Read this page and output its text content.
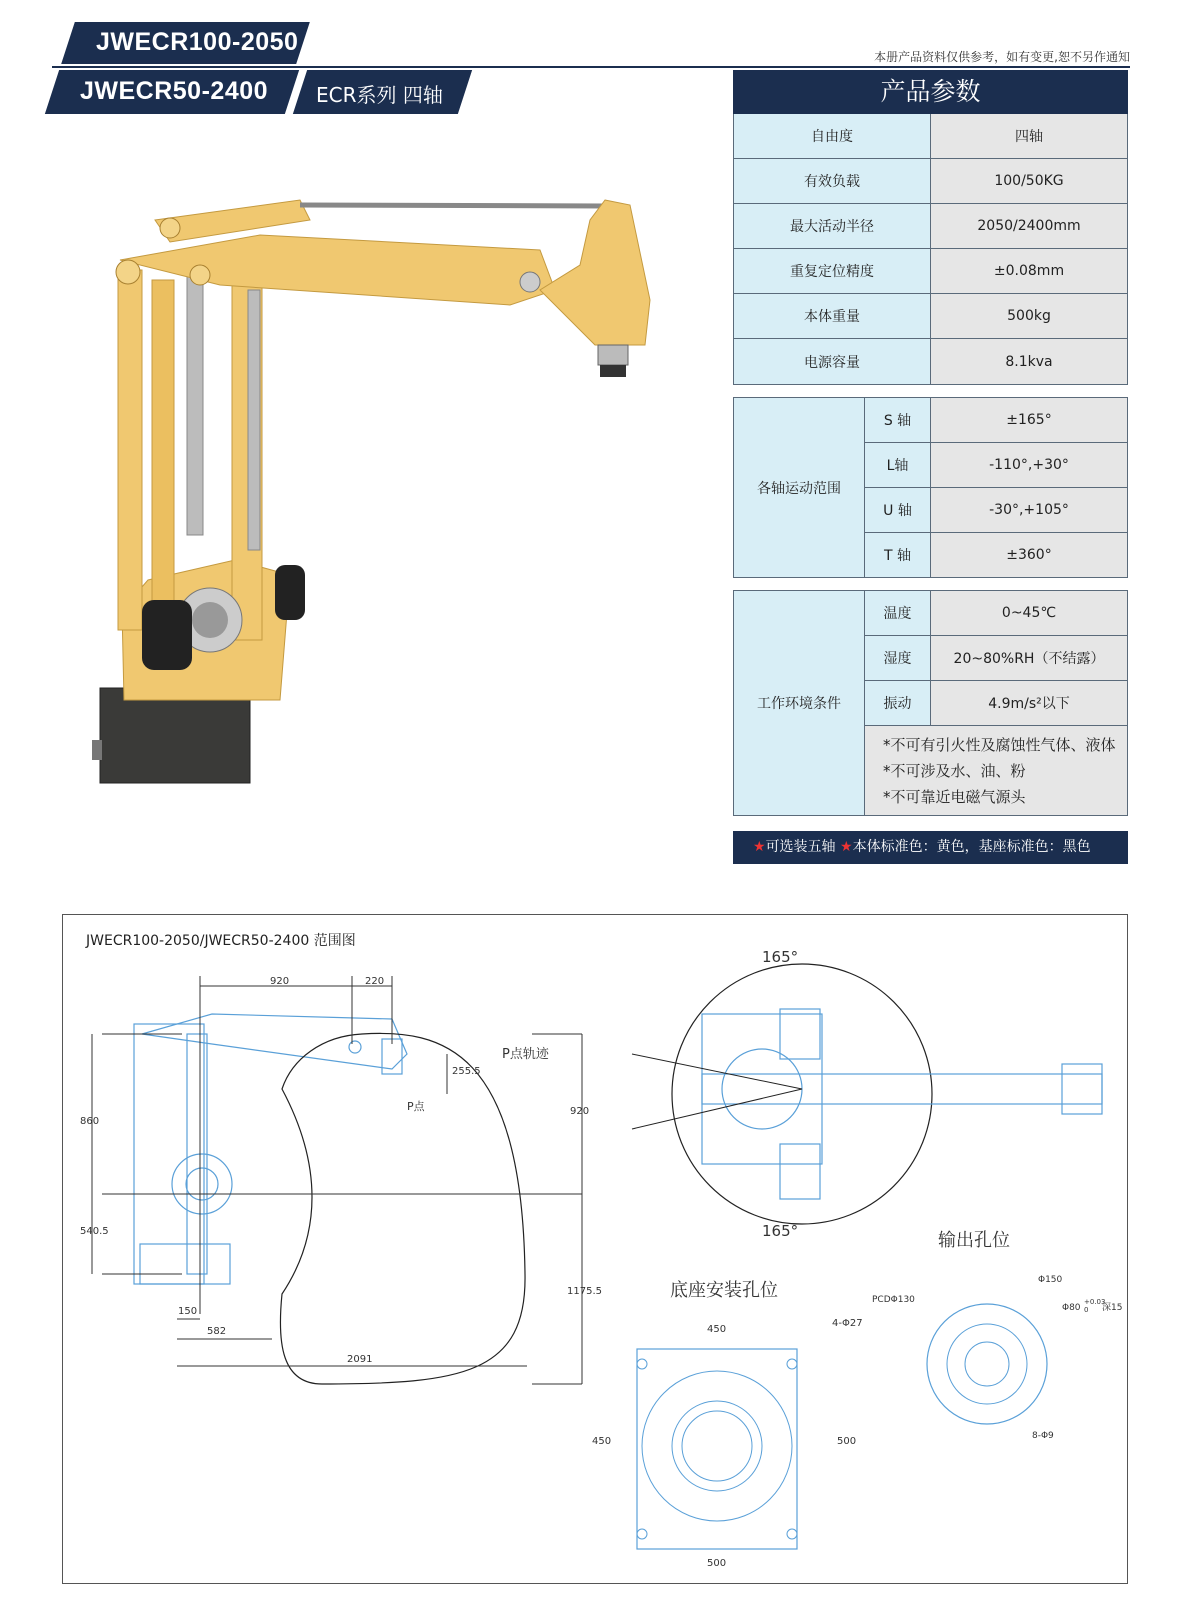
JWECR100-2050
JWECR50-2400 ECR系列 四轴
本册产品资料仅供参考，如有变更,恕不另作通知
产品参数
自由度	四轴
有效负载	100/50KG
最大活动半径	2050/2400mm
重复定位精度	±0.08mm
本体重量	500kg
电源容量	8.1kva
各轴运动范围
S 轴	±165°
L轴	-110°,+30°
U 轴	-30°,+105°
T 轴	±360°
工作环境条件
温度	0~45℃
湿度	20~80%RH（不结露）
振动	4.9m/s²以下
*不可有引火性及腐蚀性气体、液体
*不可涉及水、油、粉
*不可靠近电磁气源头
★可选装五轴 ★本体标准色：黄色，基座标准色：黑色
JWECR100-2050/JWECR50-2400 范围图
920	220
255.5
920
860
540.5
1175.5
150
582
2091
P点轨迹
P点
165°
165°
底座安装孔位
450
450	500
500
4-Φ27
输出孔位
PCDΦ130
Φ150
Φ80
+0.03
0 深15
8-Φ9
